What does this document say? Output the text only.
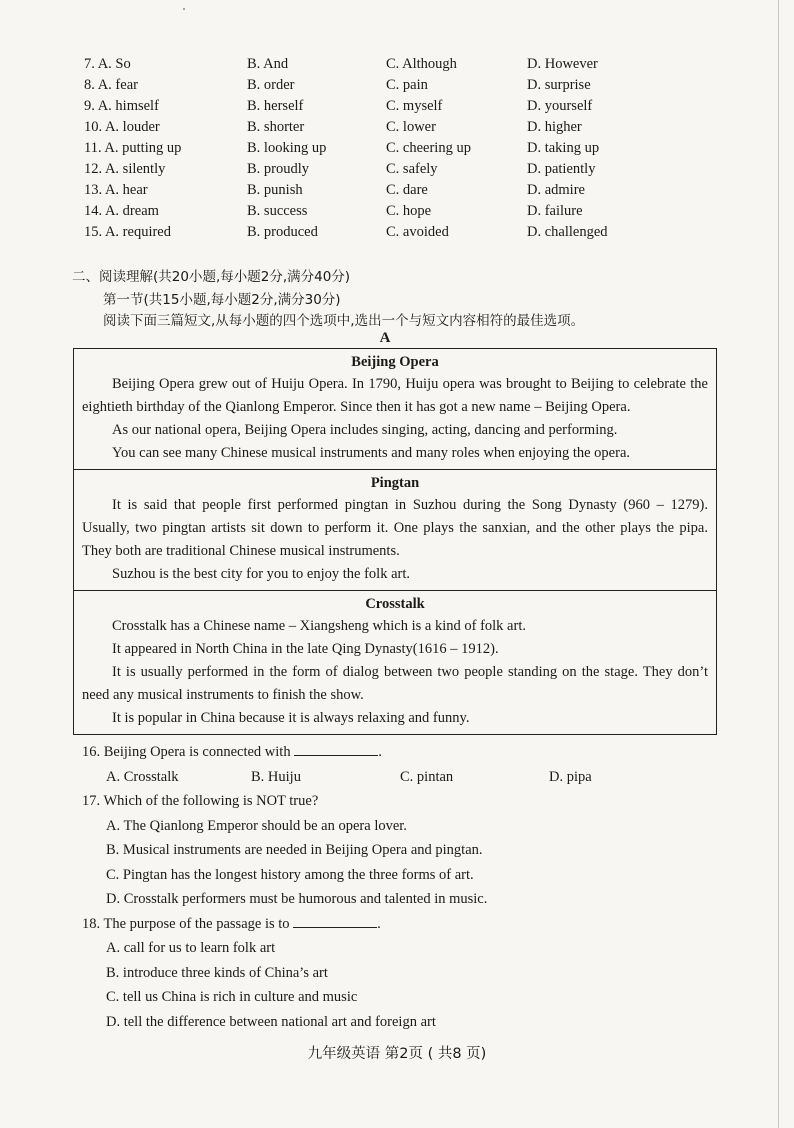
7. A. So	B. And	C. Although	D. However
8. A. fear	B. order	C. pain	D. surprise
9. A. himself	B. herself	C. myself	D. yourself
10. A. louder	B. shorter	C. lower	D. higher
11. A. putting up	B. looking up	C. cheering up	D. taking up
12. A. silently	B. proudly	C. safely	D. patiently
13. A. hear	B. punish	C. dare	D. admire
14. A. dream	B. success	C. hope	D. failure
15. A. required	B. produced	C. avoided	D. challenged
二、阅读理解(共20小题,每小题2分,满分40分)
第一节(共15小题,每小题2分,满分30分)
阅读下面三篇短文,从每小题的四个选项中,选出一个与短文内容相符的最佳选项。
A
Beijing Opera

Beijing Opera grew out of Huiju Opera. In 1790, Huiju opera was brought to Beijing to celebrate the eightieth birthday of the Qianlong Emperor. Since then it has got a new name – Beijing Opera.

As our national opera, Beijing Opera includes singing, acting, dancing and performing.

You can see many Chinese musical instruments and many roles when enjoying the opera.

Pingtan

It is said that people first performed pingtan in Suzhou during the Song Dynasty (960 – 1279). Usually, two pingtan artists sit down to perform it. One plays the sanxian, and the other plays the pipa. They both are traditional Chinese musical instruments.

Suzhou is the best city for you to enjoy the folk art.

Crosstalk

Crosstalk has a Chinese name – Xiangsheng which is a kind of folk art.

It appeared in North China in the late Qing Dynasty(1616 – 1912).

It is usually performed in the form of dialog between two people standing on the stage. They don’t need any musical instruments to finish the show.

It is popular in China because it is always relaxing and funny.

16. Beijing Opera is connected with	.
A. Crosstalk	B. Huiju	C. pintan	D. pipa
17. Which of the following is NOT true?
A. The Qianlong Emperor should be an opera lover.
B. Musical instruments are needed in Beijing Opera and pingtan.
C. Pingtan has the longest history among the three forms of art.
D. Crosstalk performers must be humorous and talented in music.
18. The purpose of the passage is to	.
A. call for us to learn folk art
B. introduce three kinds of China’s art
C. tell us China is rich in culture and music
D. tell the difference between national art and foreign art
九年级英语 第2页 ( 共8 页)
